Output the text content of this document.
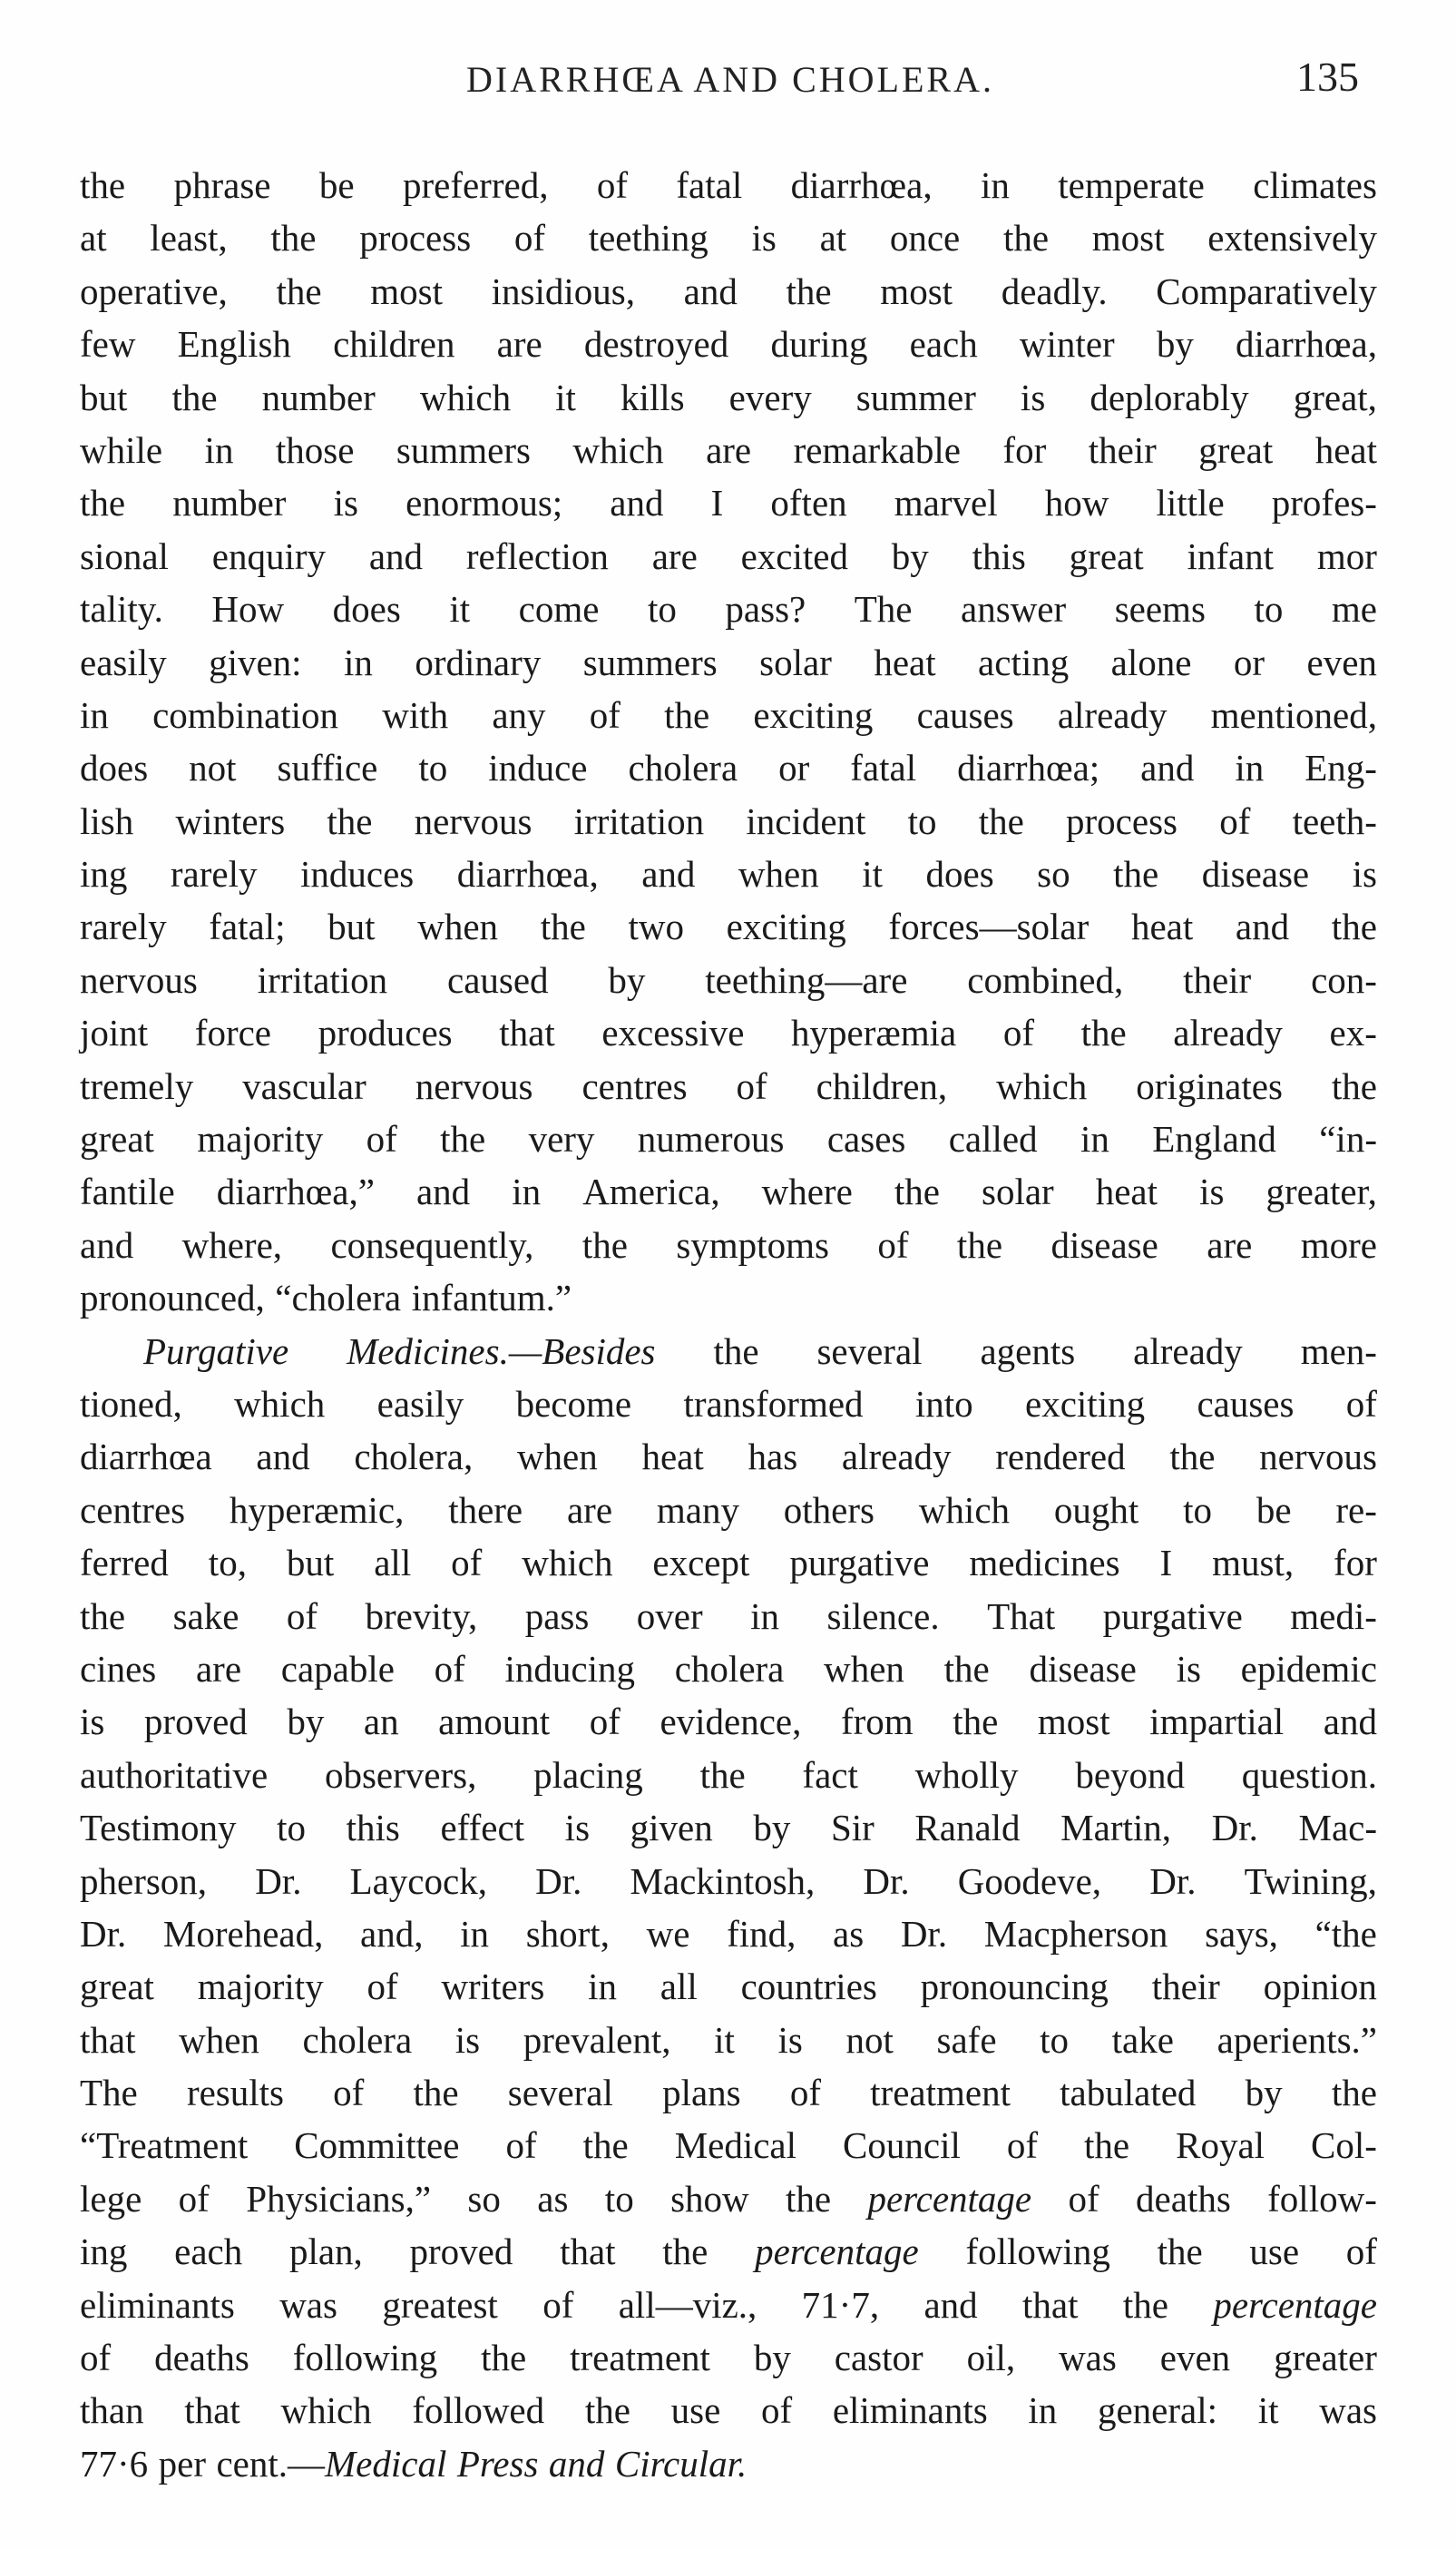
DIARRHŒA AND CHOLERA.	135
the phrase be preferred, of fatal diarrhœa, in temperate climates
at least, the process of teething is at once the most extensively
operative, the most insidious, and the most deadly. Comparatively
few English children are destroyed during each winter by diarrhœa,
but the number which it kills every summer is deplorably great,
while in those summers which are remarkable for their great heat
the number is enormous; and I often marvel how little profes-
sional enquiry and reflection are excited by this great infant mor
tality. How does it come to pass? The answer seems to me
easily given: in ordinary summers solar heat acting alone or even
in combination with any of the exciting causes already mentioned,
does not suffice to induce cholera or fatal diarrhœa; and in Eng-
lish winters the nervous irritation incident to the process of teeth-
ing rarely induces diarrhœa, and when it does so the disease is
rarely fatal; but when the two exciting forces—solar heat and the
nervous irritation caused by teething—are combined, their con-
joint force produces that excessive hyperæmia of the already ex-
tremely vascular nervous centres of children, which originates the
great majority of the very numerous cases called in England “in-
fantile diarrhœa,” and in America, where the solar heat is greater,
and where, consequently, the symptoms of the disease are more
pronounced, “cholera infantum.”
Purgative Medicines.—Besides the several agents already men-
tioned, which easily become transformed into exciting causes of
diarrhœa and cholera, when heat has already rendered the nervous
centres hyperæmic, there are many others which ought to be re-
ferred to, but all of which except purgative medicines I must, for
the sake of brevity, pass over in silence. That purgative medi-
cines are capable of inducing cholera when the disease is epidemic
is proved by an amount of evidence, from the most impartial and
authoritative observers, placing the fact wholly beyond question.
Testimony to this effect is given by Sir Ranald Martin, Dr. Mac-
pherson, Dr. Laycock, Dr. Mackintosh, Dr. Goodeve, Dr. Twining,
Dr. Morehead, and, in short, we find, as Dr. Macpherson says, “the
great majority of writers in all countries pronouncing their opinion
that when cholera is prevalent, it is not safe to take aperients.”
The results of the several plans of treatment tabulated by the
“Treatment Committee of the Medical Council of the Royal Col-
lege of Physicians,” so as to show the percentage of deaths follow-
ing each plan, proved that the percentage following the use of
eliminants was greatest of all—viz., 71·7, and that the percentage
of deaths following the treatment by castor oil, was even greater
than that which followed the use of eliminants in general: it was
77·6 per cent.—Medical Press and Circular.
